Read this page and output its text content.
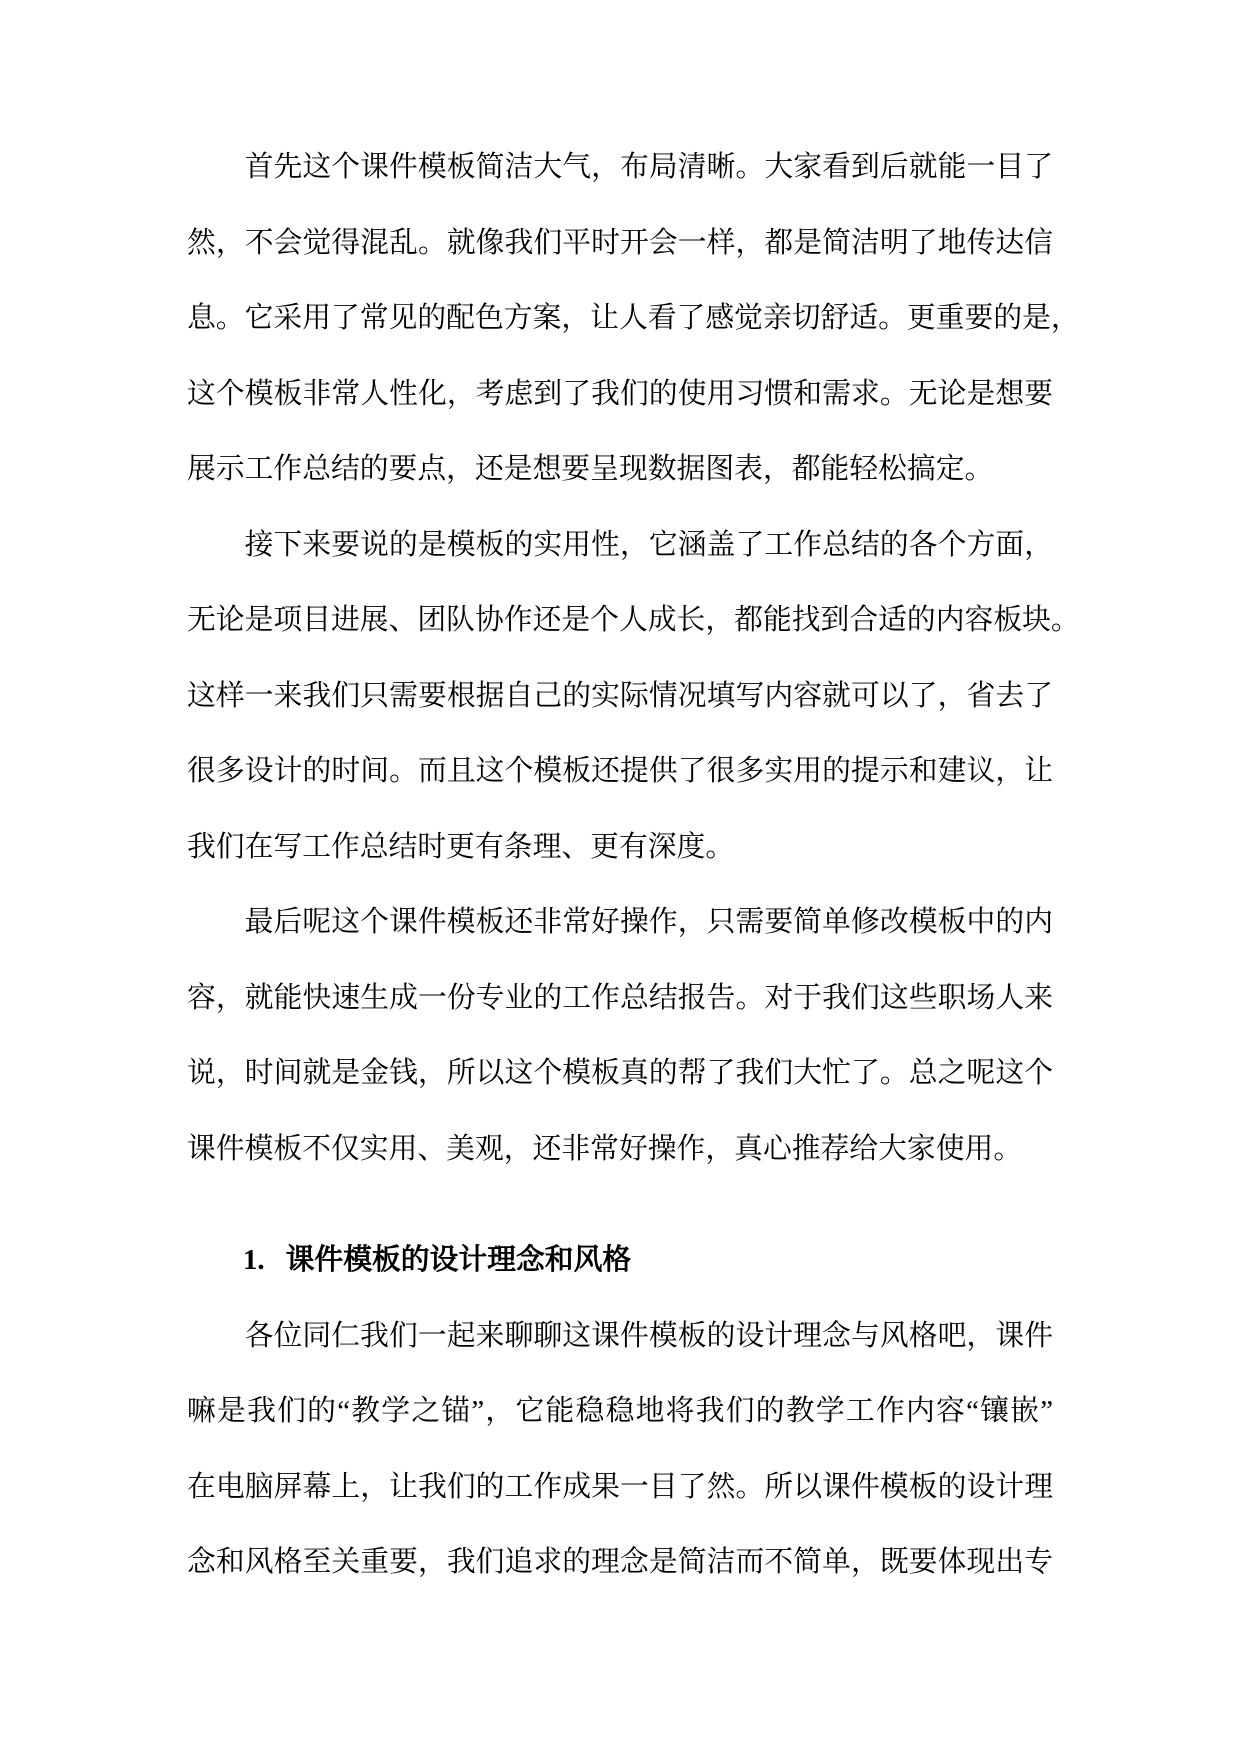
首先这个课件模板简洁大气，布局清晰。大家看到后就能一目了
然，不会觉得混乱。就像我们平时开会一样，都是简洁明了地传达信
息。它采用了常见的配色方案，让人看了感觉亲切舒适。更重要的是，
这个模板非常人性化，考虑到了我们的使用习惯和需求。无论是想要
展示工作总结的要点，还是想要呈现数据图表，都能轻松搞定。
接下来要说的是模板的实用性，它涵盖了工作总结的各个方面，
无论是项目进展、团队协作还是个人成长，都能找到合适的内容板块。
这样一来我们只需要根据自己的实际情况填写内容就可以了，省去了
很多设计的时间。而且这个模板还提供了很多实用的提示和建议，让
我们在写工作总结时更有条理、更有深度。
最后呢这个课件模板还非常好操作，只需要简单修改模板中的内
容，就能快速生成一份专业的工作总结报告。对于我们这些职场人来
说，时间就是金钱，所以这个模板真的帮了我们大忙了。总之呢这个
课件模板不仅实用、美观，还非常好操作，真心推荐给大家使用。
1. 课件模板的设计理念和风格
各位同仁我们一起来聊聊这课件模板的设计理念与风格吧，课件
嘛是我们的“教学之锚”，它能稳稳地将我们的教学工作内容“镶嵌”
在电脑屏幕上，让我们的工作成果一目了然。所以课件模板的设计理
念和风格至关重要，我们追求的理念是简洁而不简单，既要体现出专
